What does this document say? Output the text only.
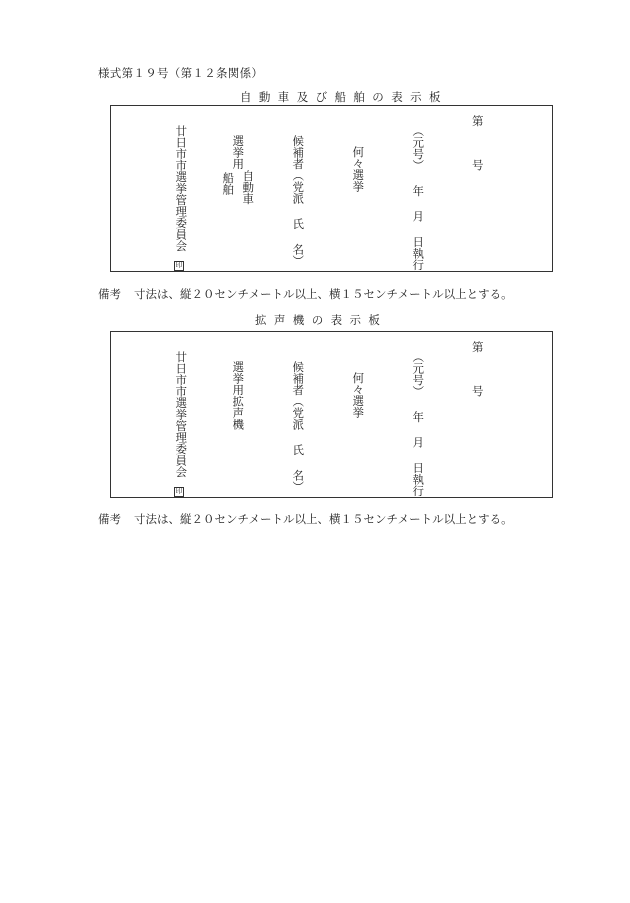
様式第１９号（第１２条関係）
自動車及び船舶の表示板
廿日市市選挙管理委員会
印
選挙用
自動車
船舶	候補者（党派 氏 名）	何々選挙	（元号） 年 月 日執行
第
号
備考 寸法は、縦２０センチメートル以上、横１５センチメートル以上とする。
拡声機の表示板
廿日市市選挙管理委員会
印
選挙用拡声機	候補者（党派 氏 名）	何々選挙	（元号） 年 月 日執行
第
号
備考 寸法は、縦２０センチメートル以上、横１５センチメートル以上とする。
